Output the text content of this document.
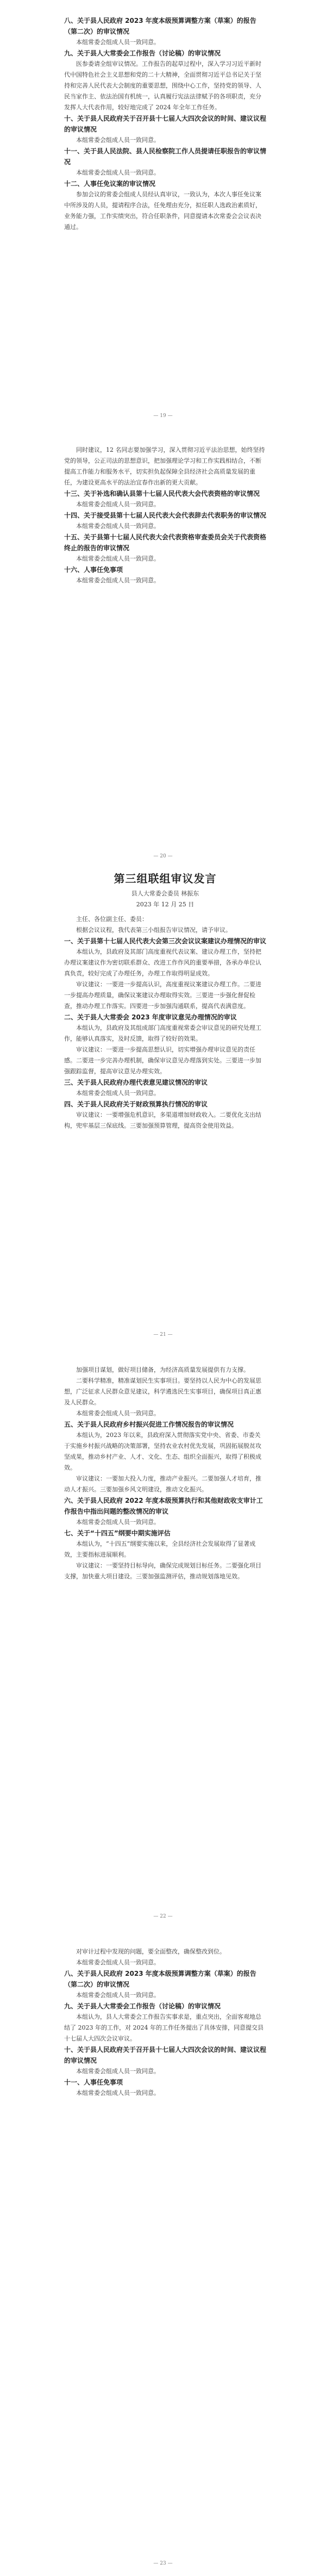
八、关于县人民政府 2023 年度本级预算调整方案（草案）的报告（第二次）的审议情况
本组常委会组成人员一致同意。
九、关于县人大常委会工作报告（讨论稿）的审议情况
医参委请全组审议情况。工作报告的起草过程中，深入学习习近平新时代中国特色社会主义思想和党的二十大精神，全面贯彻习近平总书记关于坚持和完善人民代表大会制度的重要思想，围绕中心工作，坚持党的领导、人民当家作主、依法治国有机统一，认真履行宪法法律赋予的各项职责，充分发挥人大代表作用，较好地完成了 2024 年全年工作任务。
十、关于县人民政府关于召开县十七届人大四次会议的时间、建议议程的审议情况
本组常委会组成人员一致同意。
十一、关于县人民法院、县人民检察院工作人员提请任职报告的审议情况
本组常委会组成人员一致同意。
十二、人事任免议案的审议情况
参加会议的常委会组成人员经认真审议，一致认为，本次人事任免议案中所涉及的人员，提请程序合法，任免理由充分，拟任职人选政治素质好，业务能力强，工作实绩突出，符合任职条件，同意提请本次常委会会议表决通过。
— 19 —
同时建议，12 名同志要加强学习，深入贯彻习近平法治思想，始终坚持党的领导，公正司法的思想意识，把加强理论学习和工作实践相结合，不断提高工作能力和服务水平，切实担负起保障全县经济社会高质量发展的重任，为建设更高水平的法治宜春作出新的更大贡献。
十三、关于补选和确认县第十七届人民代表大会代表资格的审议情况
本组常委会组成人员一致同意。
十四、关于接受县第十七届人民代表大会代表辞去代表职务的审议情况
本组常委会组成人员一致同意。
十五、关于县第十七届人民代表大会代表资格审查委员会关于代表资格终止的报告的审议情况
本组常委会组成人员一致同意。
十六、人事任免事项
本组常委会组成人员一致同意。
— 20 —
第三组联组审议发言
县人大常委会委员 林振东
2023 年 12 月 25 日
主任、各位副主任、委员：
根据会议议程，我代表第三小组报告审议情况，请予审议。
一、关于县第十七届人民代表大会第三次会议议案建议办理情况的审议
本组认为，县政府及其部门高度重视代表议案、建议办理工作，坚持把办理议案建议作为密切联系群众、改进工作作风的重要举措，各承办单位认真负责，较好完成了办理任务，办理工作取得明显成效。
审议建议：一要进一步提高认识，高度重视议案建议办理工作。二要进一步提高办理质量，确保议案建议办理取得实效。三要进一步强化督促检查，推动办理工作落实。四要进一步加强沟通联系，提高代表满意度。
二、关于县人大常委会 2023 年度审议意见办理情况的审议
本组认为，县政府及其组成部门高度重视常委会审议意见的研究处理工作，能够认真落实，及时反馈，取得了较好的效果。
审议建议：一要进一步提高思想认识，切实增强办理审议意见的责任感。二要进一步完善办理机制，确保审议意见办理落到实处。三要进一步加强跟踪监督，提高审议意见办理实效。
三、关于县人民政府办理代表意见建议情况的审议
本组常委会组成人员一致同意。
四、关于县人民政府关于财政预算执行情况的审议
审议建议：一要增强危机意识，多渠道增加财政收入。二要优化支出结构，兜牢基层三保底线。三要加强预算管理，提高资金使用效益。
— 21 —
加强项目谋划，做好项目储备，为经济高质量发展提供有力支撑。
二要科学精准，精准谋划民生实事项目。要坚持以人民为中心的发展思想，广泛征求人民群众意见建议，科学遴选民生实事项目，确保项目真正惠及人民群众。
本组常委会组成人员一致同意。
五、关于县人民政府乡村振兴促进工作情况报告的审议情况
本组认为，2023 年以来，县政府深入贯彻落实党中央、省委、市委关于实施乡村振兴战略的决策部署，坚持农业农村优先发展，巩固拓展脱贫攻坚成果，推动乡村产业、人才、文化、生态、组织全面振兴，取得了积极成效。
审议建议：一要加大投入力度，推动产业振兴。二要加强人才培育，推动人才振兴。三要加强乡风文明建设，推动文化振兴。
六、关于县人民政府 2022 年度本级预算执行和其他财政收支审计工作报告中指出问题的整改情况的审议
本组常委会组成人员一致同意。
七、关于“十四五”纲要中期实施评估
本组认为，“十四五”纲要实施以来，全县经济社会发展取得了显著成效，主要指标进展顺利。
审议建议：一要坚持目标导向，确保完成规划目标任务。二要强化项目支撑，加快重大项目建设。三要加强监测评估，推动规划落地见效。
— 22 —
对审计过程中发现的问题，要全面整改，确保整改到位。
本组常委会组成人员一致同意。
八、关于县人民政府 2023 年度本级预算调整方案（草案）的报告（第二次）的审议情况
本组常委会组成人员一致同意。
九、关于县人大常委会工作报告（讨论稿）的审议情况
本组认为，县人大常委会工作报告实事求是，重点突出，全面客观地总结了 2023 年的工作，对 2024 年的工作任务提出了具体安排，同意提交县十七届人大四次会议审议。
十、关于县人民政府关于召开县十七届人大四次会议的时间、建议议程的审议情况
本组常委会组成人员一致同意。
十一、人事任免事项
本组常委会组成人员一致同意。
— 23 —
